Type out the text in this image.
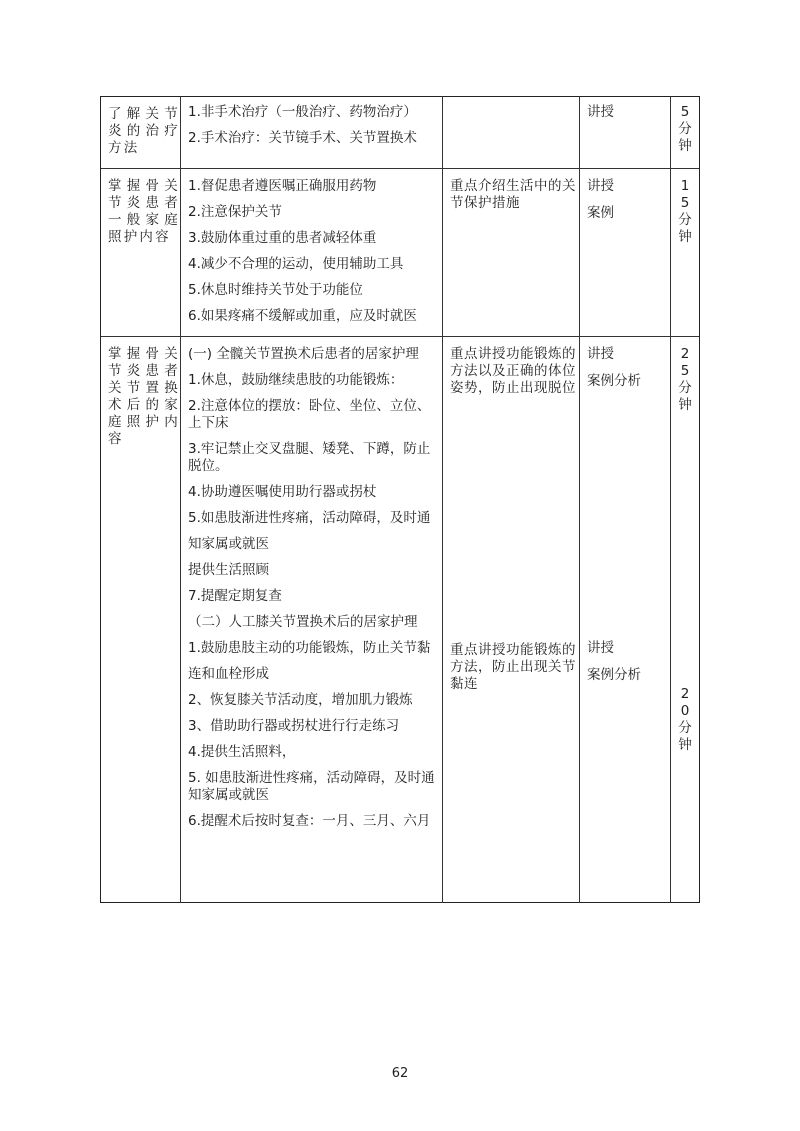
了解关节炎的治疗方法
1.非手术治疗（一般治疗、药物治疗）
2.手术治疗：关节镜手术、关节置换术
讲授	5
分
钟
掌握骨关节炎患者一般家庭照护内容
1.督促患者遵医嘱正确服用药物
2.注意保护关节
3.鼓励体重过重的患者减轻体重
4.减少不合理的运动，使用辅助工具
5.休息时维持关节处于功能位
6.如果疼痛不缓解或加重，应及时就医
重点介绍生活中的关节保护措施
讲授
案例
1
5
分
钟
掌握骨关节炎患者关节置换术后的家庭照护内容
(一) 全髋关节置换术后患者的居家护理
1.休息，鼓励继续患肢的功能锻炼：
2.注意体位的摆放：卧位、坐位、立位、上下床
3.牢记禁止交叉盘腿、矮凳、下蹲，防止脱位。
4.协助遵医嘱使用助行器或拐杖
5.如患肢渐进性疼痛，活动障碍，及时通
知家属或就医
提供生活照顾
7.提醒定期复查
（二）人工膝关节置换术后的居家护理
1.鼓励患肢主动的功能锻炼，防止关节黏
连和血栓形成
2、恢复膝关节活动度，增加肌力锻炼
3、借助助行器或拐杖进行行走练习
4.提供生活照料，
5. 如患肢渐进性疼痛，活动障碍，及时通知家属或就医
6.提醒术后按时复查：一月、三月、六月
重点讲授功能锻炼的方法以及正确的体位姿势，防止出现脱位
重点讲授功能锻炼的方法，防止出现关节黏连
讲授
案例分析
讲授
案例分析
2
5
分
钟
2
0
分
钟
62
